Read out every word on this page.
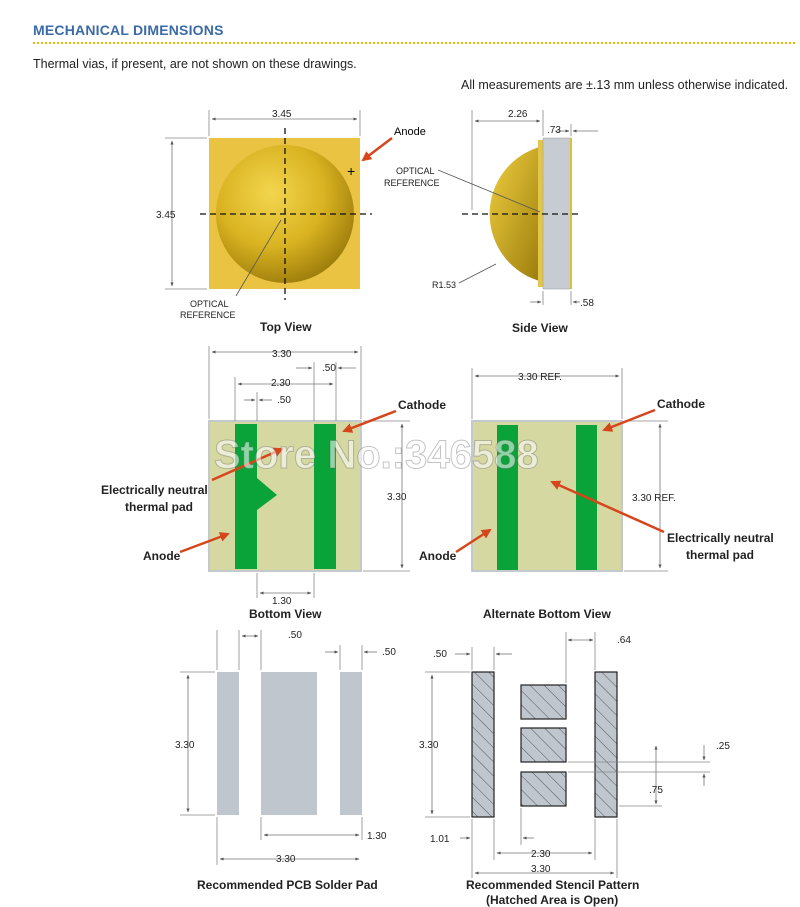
MECHANICAL DIMENSIONS
Thermal vias, if present, are not shown on these drawings.
All measurements are ±.13 mm unless otherwise indicated.
+
3.45
3.45
Anode
OPTICAL
REFERENCE
Top View
2.26
.73
.58
R1.53
OPTICAL
REFERENCE
Side View
3.30
.50
2.30
.50
3.30
1.30
Cathode
Electrically neutral
thermal pad
Anode
Bottom View
3.30 REF.
3.30 REF.
Cathode
Electrically neutral
thermal pad
Anode
Alternate Bottom View
Store No.:346588
.50
.50
3.30
1.30
3.30
Recommended PCB Solder Pad
.50
.64
3.30	.25
.75
1.01
2.30
3.30
Recommended Stencil Pattern
(Hatched Area is Open)
